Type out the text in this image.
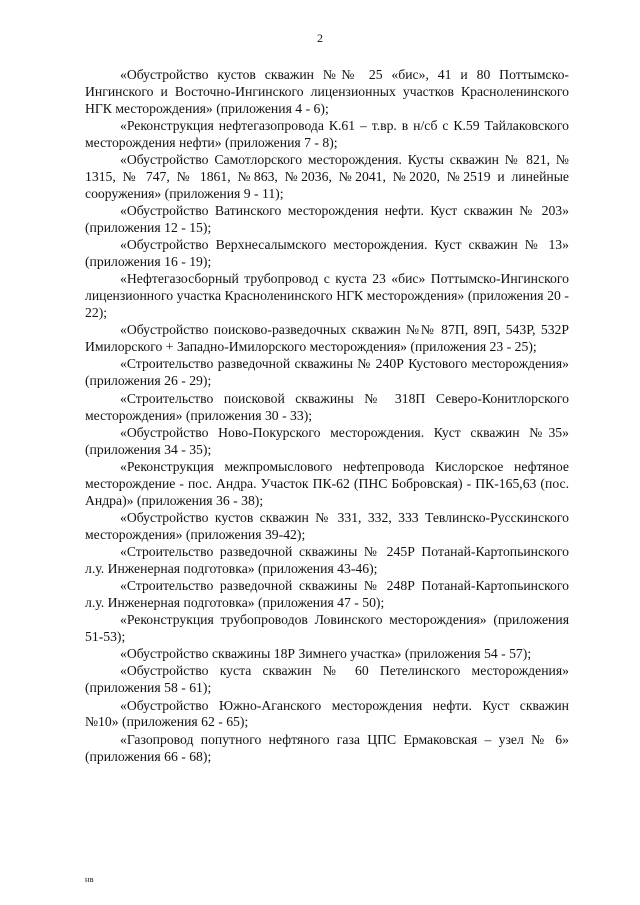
2

«Обустройство кустов скважин №№ 25 «бис», 41 и 80 Поттымско-Ингинского и Восточно-Ингинского лицензионных участков Красноленинского НГК месторождения» (приложения 4 - 6);

«Реконструкция нефтегазопровода К.61 – т.вр. в н/сб с К.59 Тайлаковского месторождения нефти» (приложения 7 - 8);

«Обустройство Самотлорского месторождения. Кусты скважин № 821, № 1315, № 747, № 1861, №863, №2036, №2041, №2020, №2519 и линейные сооружения» (приложения 9 - 11);

«Обустройство Ватинского месторождения нефти. Куст скважин № 203» (приложения 12 - 15);

«Обустройство Верхнесалымского месторождения. Куст скважин № 13» (приложения 16 - 19);

«Нефтегазосборный трубопровод с куста 23 «бис» Поттымско-Ингинского лицензионного участка Красноленинского НГК месторождения» (приложения 20 - 22);

«Обустройство поисково-разведочных скважин №№ 87П, 89П, 543Р, 532Р Имилорского + Западно-Имилорского месторождения» (приложения 23 - 25);

«Строительство разведочной скважины № 240Р Кустового месторождения» (приложения 26 - 29);

«Строительство поисковой скважины № 318П Северо-Конитлорского месторождения» (приложения 30 - 33);

«Обустройство Ново-Покурского месторождения. Куст скважин №35» (приложения 34 - 35);

«Реконструкция межпромыслового нефтепровода Кислорское нефтяное месторождение - пос. Андра. Участок ПК-62 (ПНС Бобровская) - ПК-165,63 (пос. Андра)» (приложения 36 - 38);

«Обустройство кустов скважин № 331, 332, 333 Тевлинско-Русскинского месторождения» (приложения 39-42);

«Строительство разведочной скважины № 245Р Потанай-Картопьинского л.у. Инженерная подготовка» (приложения 43-46);

«Строительство разведочной скважины № 248Р Потанай-Картопьинского л.у. Инженерная подготовка» (приложения 47 - 50);

«Реконструкция трубопроводов Ловинского месторождения» (приложения 51-53);

«Обустройство скважины 18Р Зимнего участка» (приложения 54 - 57);

«Обустройство куста скважин № 60 Петелинского месторождения» (приложения 58 - 61);

«Обустройство Южно-Аганского месторождения нефти. Куст скважин №10» (приложения 62 - 65);

«Газопровод попутного нефтяного газа ЦПС Ермаковская – узел № 6» (приложения 66 - 68);

нв
